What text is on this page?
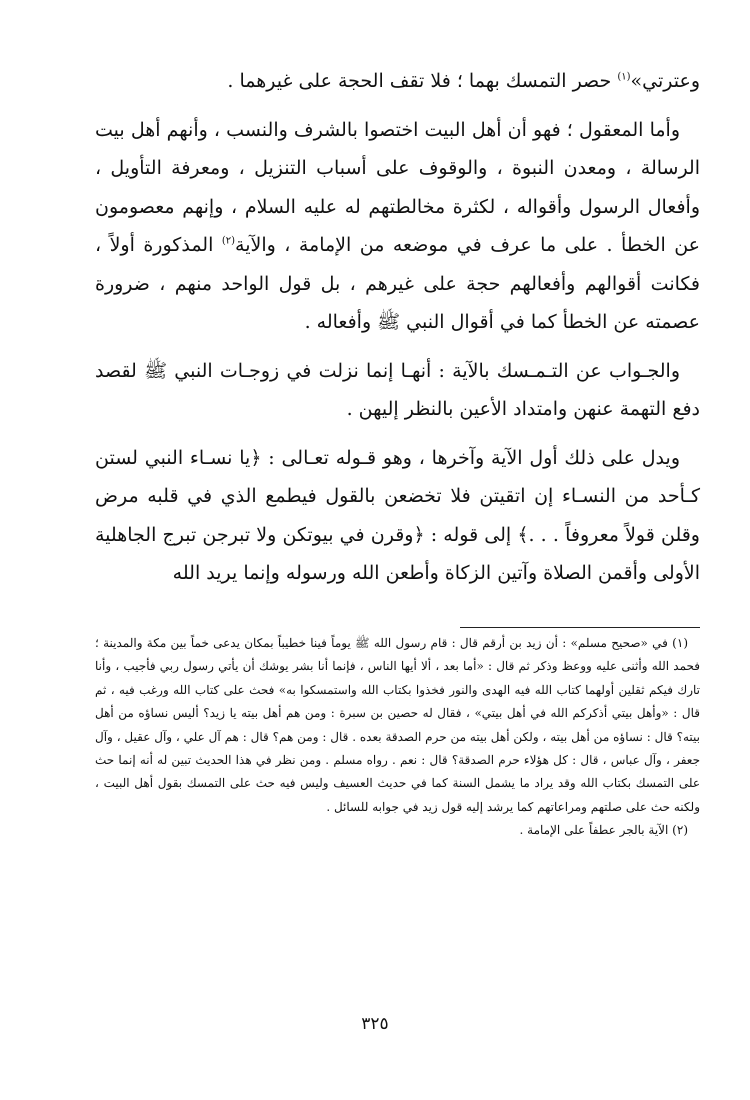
وعترتي»$^{(١)}$ حصر التمسك بهما ؛ فلا تقف الحجة على غيرهما .

وأما المعقول ؛ فهو أن أهل البيت اختصوا بالشرف والنسب ، وأنهم أهل بيت الرسالة ، ومعدن النبوة ، والوقوف على أسباب التنزيل ، ومعرفة التأويل ، وأفعال الرسول وأقواله ، لكثرة مخالطتهم له عليه السلام ، وإنهم معصومون عن الخطأ . على ما عرف في موضعه من الإمامة ، والآية$^{(٢)}$ المذكورة أولاً ، فكانت أقوالهم وأفعالهم حجة على غيرهم ، بل قول الواحد منهم ، ضرورة عصمته عن الخطأ كما في أقوال النبي ﷺ وأفعاله .

والجـواب عن التـمـسك بالآية : أنهـا إنما نزلت في زوجـات النبي ﷺ لقصد دفع التهمة عنهن وامتداد الأعين بالنظر إليهن .

ويدل على ذلك أول الآية وآخرها ، وهو قـوله تعـالى : ﴿يا نسـاء النبي لستن كـأحد من النسـاء إن اتقيتن فلا تخضعن بالقول فيطمع الذي في قلبه مرض وقلن قولاً معروفاً . . .﴾ إلى قوله : ﴿وقرن في بيوتكن ولا تبرجن تبرج الجاهلية الأولى وأقمن الصلاة وآتين الزكاة وأطعن الله ورسوله وإنما يريد الله

(١) في «صحيح مسلم» : أن زيد بن أرقم قال : قام رسول الله ﷺ يوماً فينا خطيباً بمكان يدعى خماً بين مكة والمدينة ؛ فحمد الله وأثنى عليه ووعظ وذكر ثم قال : «أما بعد ، ألا أيها الناس ، فإنما أنا بشر يوشك أن يأتي رسول ربي فأجيب ، وأنا تارك فيكم ثقلين أولهما كتاب الله فيه الهدى والنور فخذوا بكتاب الله واستمسكوا به» فحث على كتاب الله ورغب فيه ، ثم قال : «وأهل بيتي أذكركم الله في أهل بيتي» ، فقال له حصين بن سبرة : ومن هم أهل بيته يا زيد؟ أليس نساؤه من أهل بيته؟ قال : نساؤه من أهل بيته ، ولكن أهل بيته من حرم الصدقة بعده . قال : ومن هم؟ قال : هم آل علي ، وآل عقيل ، وآل جعفر ، وآل عباس ، قال : كل هؤلاء حرم الصدقة؟ قال : نعم . رواه مسلم . ومن نظر في هذا الحديث تبين له أنه إنما حث على التمسك بكتاب الله وقد يراد ما يشمل السنة كما في حديث العسيف وليس فيه حث على التمسك بقول أهل البيت ، ولكنه حث على صلتهم ومراعاتهم كما يرشد إليه قول زيد في جوابه للسائل .

(٢) الآية بالجر عطفاً على الإمامة .

٣٢٥
